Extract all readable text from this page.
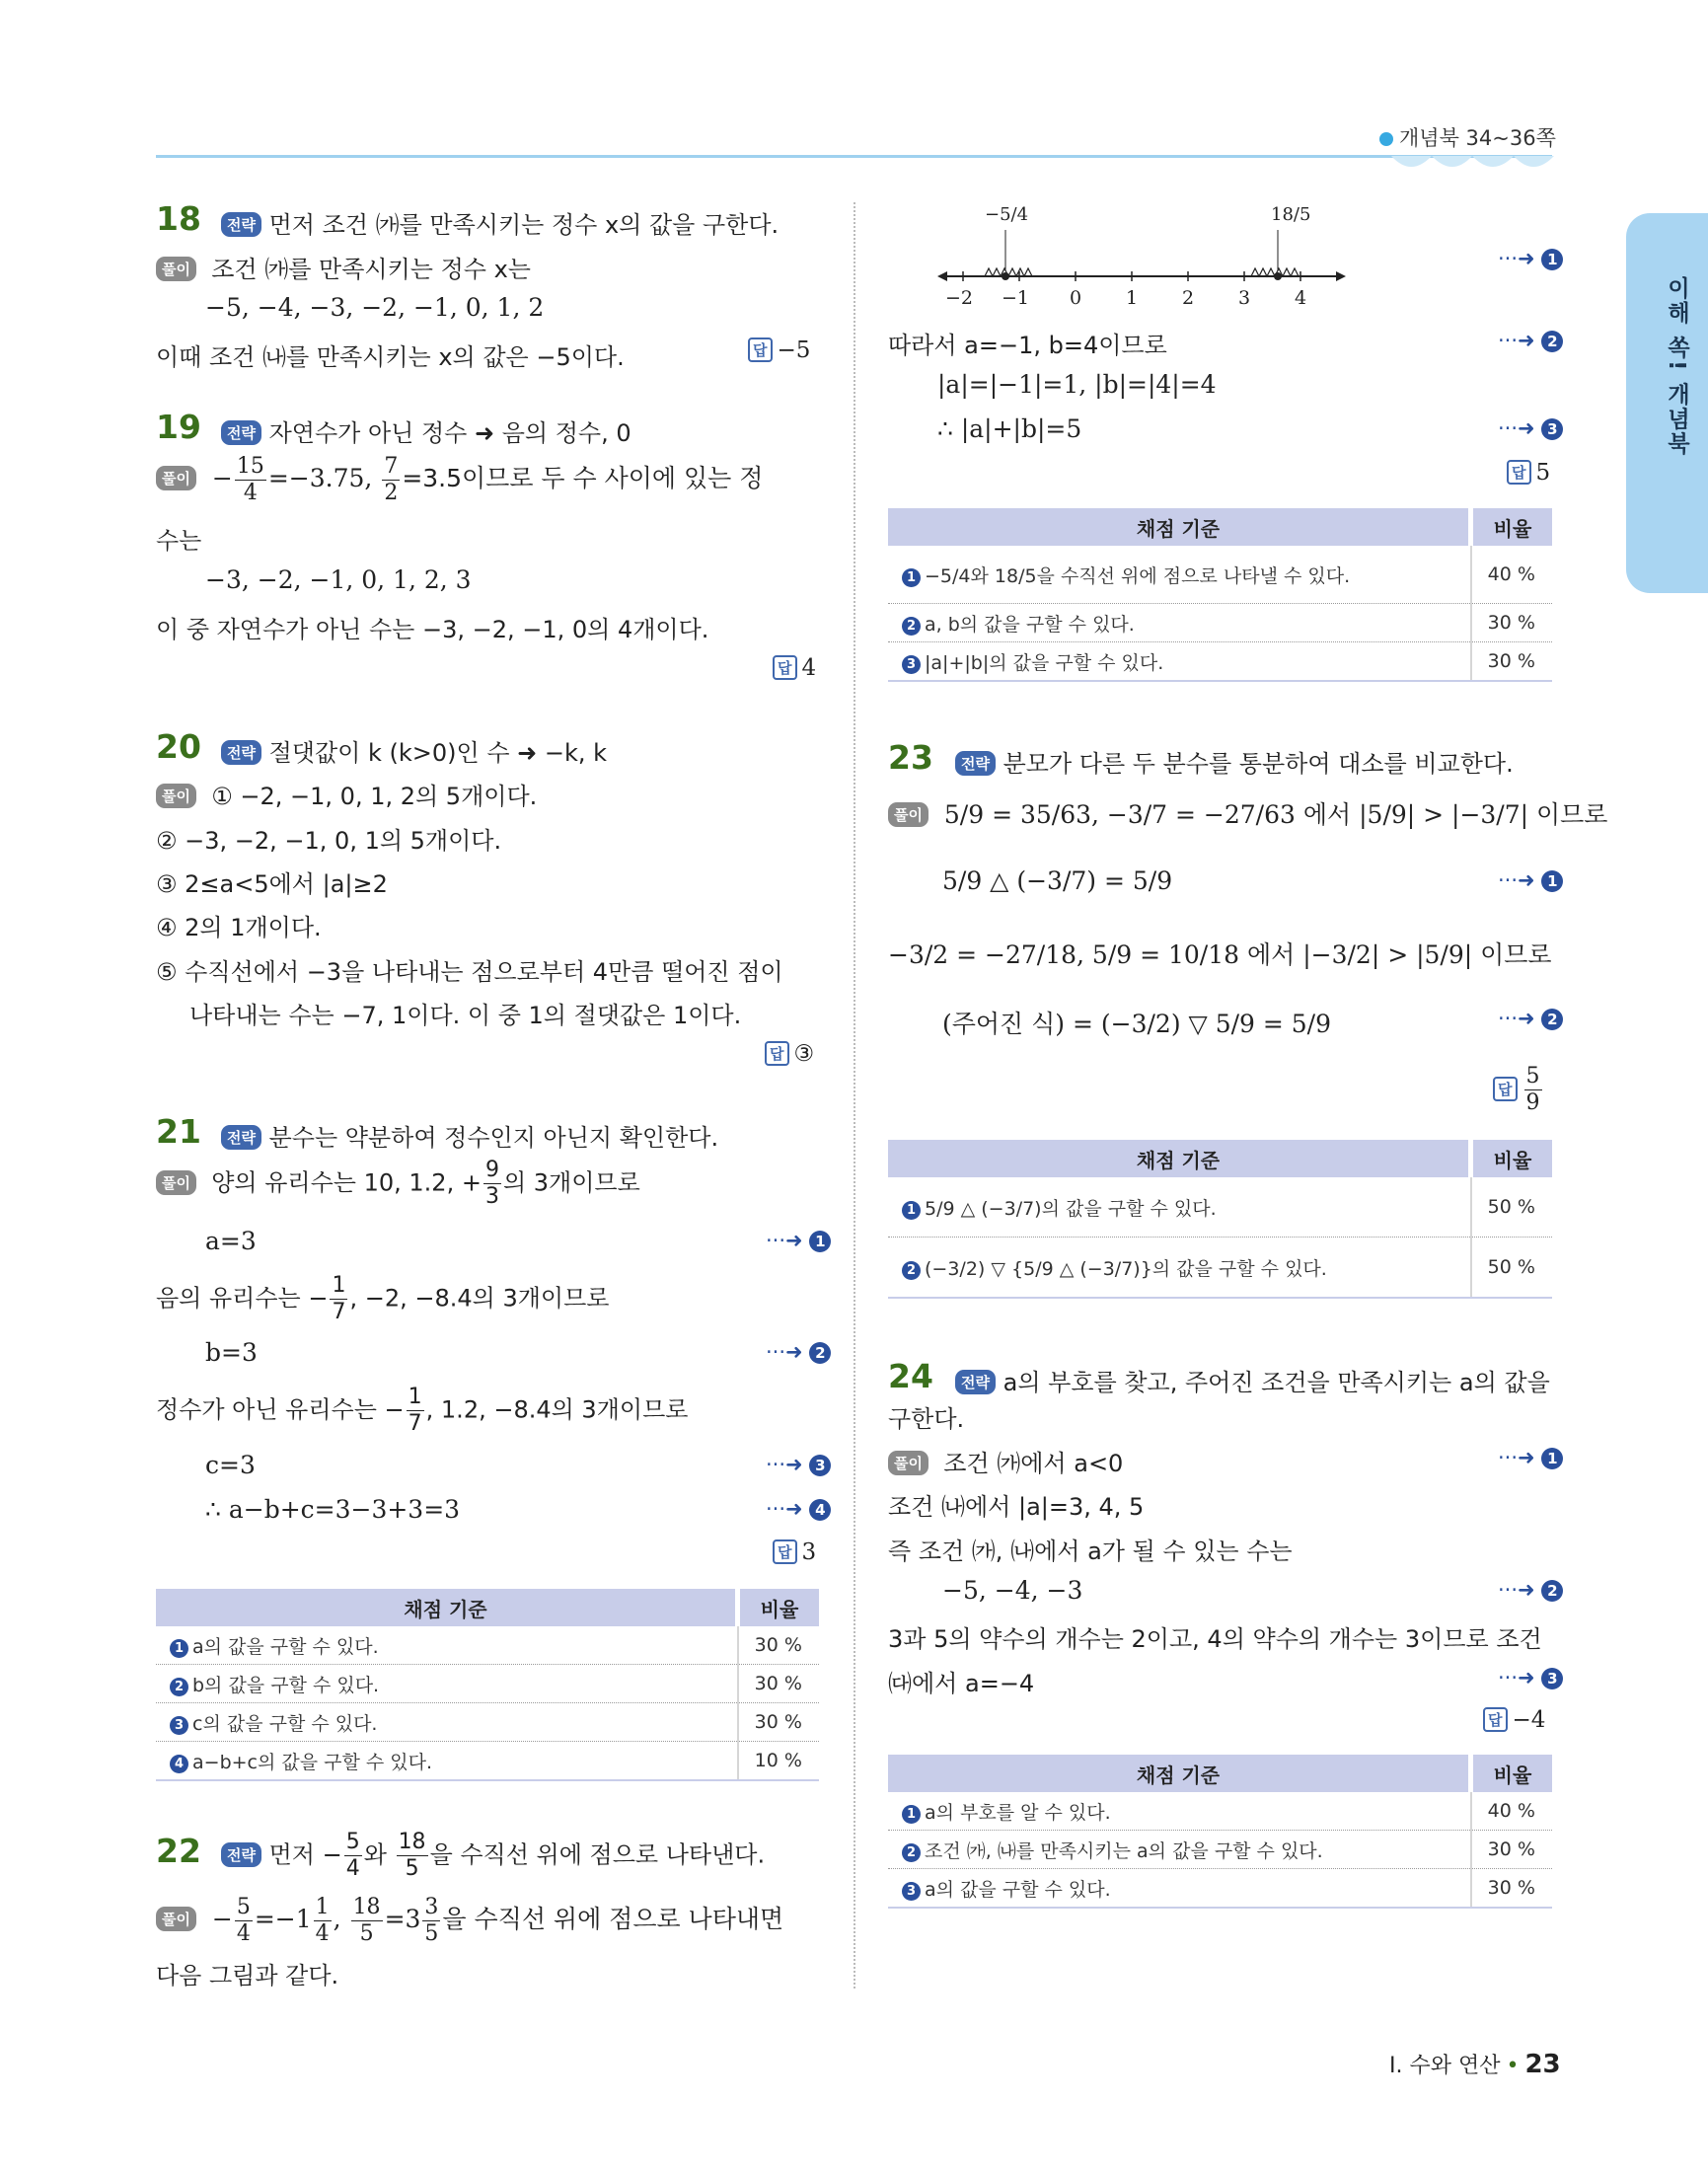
개념북 34~36쪽
이해 쏙! 개념북
18	전략 먼저 조건 ㈎를 만족시키는 정수 x의 값을 구한다.
풀이 조건 ㈎를 만족시키는 정수 x는
−5, −4, −3, −2, −1, 0, 1, 2
이때 조건 ㈏를 만족시키는 x의 값은 −5이다.	답 −5
19	전략 자연수가 아닌 정수 ➜ 음의 정수, 0
풀이 − $\frac{15}{4} =-3.75$, $\frac{7}{2} =3.5$이므로 두 수 사이에 있는 정
수는
−3, −2, −1, 0, 1, 2, 3
이 중 자연수가 아닌 수는 −3, −2, −1, 0의 4개이다.
답 4
20	전략 절댓값이 k (k>0)인 수 ➜ −k, k
풀이 ① −2, −1, 0, 1, 2의 5개이다.
② −3, −2, −1, 0, 1의 5개이다.
③ 2≤a<5에서 |a|≥2
④ 2의 1개이다.
⑤ 수직선에서 −3을 나타내는 점으로부터 4만큼 떨어진 점이
나타내는 수는 −7, 1이다. 이 중 1의 절댓값은 1이다.
답 ③
21	전략 분수는 약분하여 정수인지 아닌지 확인한다.
풀이 양의 유리수는 10, 1.2, + $\frac{9}{3}$ 의 3개이므로
a=3	···➜ 1
음의 유리수는 − $\frac{1}{7}$ , −2, −8.4의 3개이므로
b=3	···➜ 2
정수가 아닌 유리수는 − $\frac{1}{7}$ , 1.2, −8.4의 3개이므로
c=3	···➜ 3
∴ a−b+c=3−3+3=3	···➜ 4
답 3
채점 기준	비율
1 a의 값을 구할 수 있다.	30 %
2 b의 값을 구할 수 있다.	30 %
3 c의 값을 구할 수 있다.	30 %
4 a−b+c의 값을 구할 수 있다.	10 %
22	전략 먼저 − $\frac{5}{4}$ 와 $\frac{18}{5}$ 을 수직선 위에 점으로 나타낸다.
풀이 − $\frac{5}{4} =-1 \frac{1}{4}$ , $\frac{18}{5} =3 \frac{3}{5}$ 을 수직선 위에 점으로 나타내면
다음 그림과 같다.
−5/4	18/5
−2 −1 0 1 2 3 4
···➜ 1
따라서 a=−1, b=4이므로	···➜ 2
|a|=|−1|=1, |b|=|4|=4
∴ |a|+|b|=5	···➜ 3
답 5
채점 기준	비율
1 −5/4와 18/5을 수직선 위에 점으로 나타낼 수 있다.	40 %
2 a, b의 값을 구할 수 있다.	30 %
3 |a|+|b|의 값을 구할 수 있다.	30 %
23	전략 분모가 다른 두 분수를 통분하여 대소를 비교한다.
풀이 5/9 = 35/63, −3/7 = −27/63 에서 |5/9| > |−3/7| 이므로
5/9 △ (−3/7) = 5/9	···➜ 1
−3/2 = −27/18, 5/9 = 10/18 에서 |−3/2| > |5/9| 이므로
(주어진 식) = (−3/2) ▽ 5/9 = 5/9	···➜ 2
답 $\frac{5}{9}$
채점 기준	비율
1 5/9 △ (−3/7)의 값을 구할 수 있다.	50 %
2 (−3/2) ▽ {5/9 △ (−3/7)}의 값을 구할 수 있다.	50 %
24	전략 a의 부호를 찾고, 주어진 조건을 만족시키는 a의 값을
구한다.
풀이 조건 ㈎에서 a<0	···➜ 1
조건 ㈏에서 |a|=3, 4, 5
즉 조건 ㈎, ㈏에서 a가 될 수 있는 수는
−5, −4, −3	···➜ 2
3과 5의 약수의 개수는 2이고, 4의 약수의 개수는 3이므로 조건
㈐에서 a=−4	···➜ 3
답 −4
채점 기준	비율
1 a의 부호를 알 수 있다.	40 %
2 조건 ㈎, ㈏를 만족시키는 a의 값을 구할 수 있다.	30 %
3 a의 값을 구할 수 있다.	30 %
Ⅰ. 수와 연산 • 23
